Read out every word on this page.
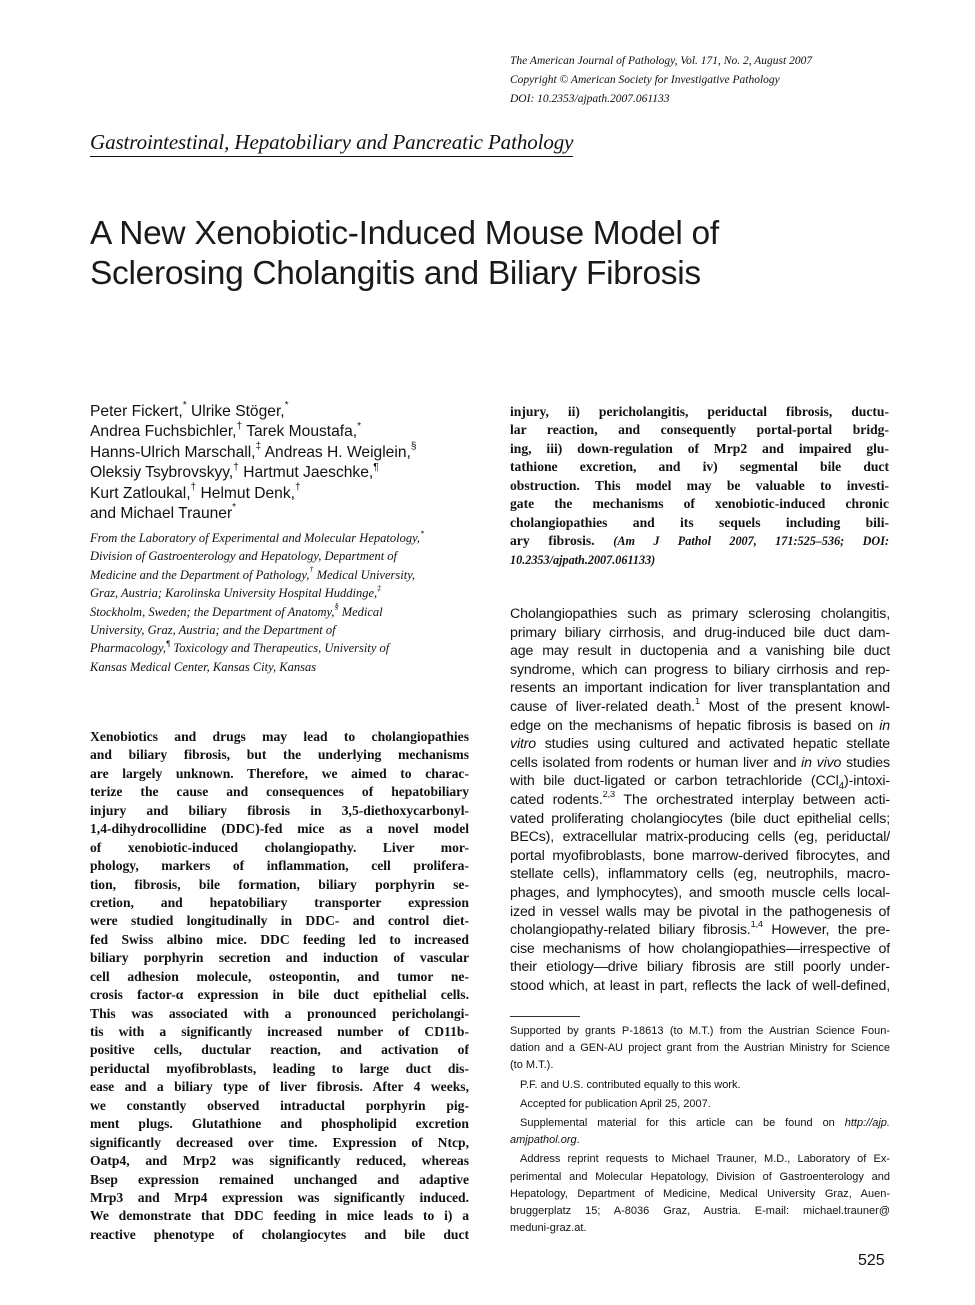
The American Journal of Pathology, Vol. 171, No. 2, August 2007
Copyright © American Society for Investigative Pathology
DOI: 10.2353/ajpath.2007.061133
Gastrointestinal, Hepatobiliary and Pancreatic Pathology
A New Xenobiotic-Induced Mouse Model of
Sclerosing Cholangitis and Biliary Fibrosis
Peter Fickert,* Ulrike Stöger,*
Andrea Fuchsbichler,† Tarek Moustafa,*
Hanns-Ulrich Marschall,‡ Andreas H. Weiglein,§
Oleksiy Tsybrovskyy,† Hartmut Jaeschke,¶
Kurt Zatloukal,† Helmut Denk,†
and Michael Trauner*
From the Laboratory of Experimental and Molecular Hepatology,*
Division of Gastroenterology and Hepatology, Department of
Medicine and the Department of Pathology,† Medical University,
Graz, Austria; Karolinska University Hospital Huddinge,‡
Stockholm, Sweden; the Department of Anatomy,§ Medical
University, Graz, Austria; and the Department of
Pharmacology,¶ Toxicology and Therapeutics, University of
Kansas Medical Center, Kansas City, Kansas
Xenobiotics and drugs may lead to cholangiopathies
and biliary fibrosis, but the underlying mechanisms
are largely unknown. Therefore, we aimed to charac-
terize the cause and consequences of hepatobiliary
injury and biliary fibrosis in 3,5-diethoxycarbonyl-
1,4-dihydrocollidine (DDC)-fed mice as a novel model
of xenobiotic-induced cholangiopathy. Liver mor-
phology, markers of inflammation, cell prolifera-
tion, fibrosis, bile formation, biliary porphyrin se-
cretion, and hepatobiliary transporter expression
were studied longitudinally in DDC- and control diet-
fed Swiss albino mice. DDC feeding led to increased
biliary porphyrin secretion and induction of vascular
cell adhesion molecule, osteopontin, and tumor ne-
crosis factor-α expression in bile duct epithelial cells.
This was associated with a pronounced pericholangi-
tis with a significantly increased number of CD11b-
positive cells, ductular reaction, and activation of
periductal myofibroblasts, leading to large duct dis-
ease and a biliary type of liver fibrosis. After 4 weeks,
we constantly observed intraductal porphyrin pig-
ment plugs. Glutathione and phospholipid excretion
significantly decreased over time. Expression of Ntcp,
Oatp4, and Mrp2 was significantly reduced, whereas
Bsep expression remained unchanged and adaptive
Mrp3 and Mrp4 expression was significantly induced.
We demonstrate that DDC feeding in mice leads to i) a
reactive phenotype of cholangiocytes and bile duct
injury, ii) pericholangitis, periductal fibrosis, ductu-
lar reaction, and consequently portal-portal bridg-
ing, iii) down-regulation of Mrp2 and impaired glu-
tathione excretion, and iv) segmental bile duct
obstruction. This model may be valuable to investi-
gate the mechanisms of xenobiotic-induced chronic
cholangiopathies and its sequels including bili-
ary fibrosis. (Am J Pathol 2007, 171:525–536; DOI:
10.2353/ajpath.2007.061133)
Cholangiopathies such as primary sclerosing cholangitis,
primary biliary cirrhosis, and drug-induced bile duct dam-
age may result in ductopenia and a vanishing bile duct
syndrome, which can progress to biliary cirrhosis and rep-
resents an important indication for liver transplantation and
cause of liver-related death.$^1$ Most of the present knowl-
edge on the mechanisms of hepatic fibrosis is based on in
vitro studies using cultured and activated hepatic stellate
cells isolated from rodents or human liver and in vivo studies
with bile duct-ligated or carbon tetrachloride (CCl$_4$)-intoxi-
cated rodents.$^{2,3}$ The orchestrated interplay between acti-
vated proliferating cholangiocytes (bile duct epithelial cells;
BECs), extracellular matrix-producing cells (eg, periductal/
portal myofibroblasts, bone marrow-derived fibrocytes, and
stellate cells), inflammatory cells (eg, neutrophils, macro-
phages, and lymphocytes), and smooth muscle cells local-
ized in vessel walls may be pivotal in the pathogenesis of
cholangiopathy-related biliary fibrosis.$^{1,4}$ However, the pre-
cise mechanisms of how cholangiopathies—irrespective of
their etiology—drive biliary fibrosis are still poorly under-
stood which, at least in part, reflects the lack of well-defined,
Supported by grants P-18613 (to M.T.) from the Austrian Science Foun-
dation and a GEN-AU project grant from the Austrian Ministry for Science
(to M.T.).
P.F. and U.S. contributed equally to this work.
Accepted for publication April 25, 2007.
Supplemental material for this article can be found on http://ajp.
amjpathol.org.
Address reprint requests to Michael Trauner, M.D., Laboratory of Ex-
perimental and Molecular Hepatology, Division of Gastroenterology and
Hepatology, Department of Medicine, Medical University Graz, Auen-
bruggerplatz 15; A-8036 Graz, Austria. E-mail: michael.trauner@
meduni-graz.at.
525
